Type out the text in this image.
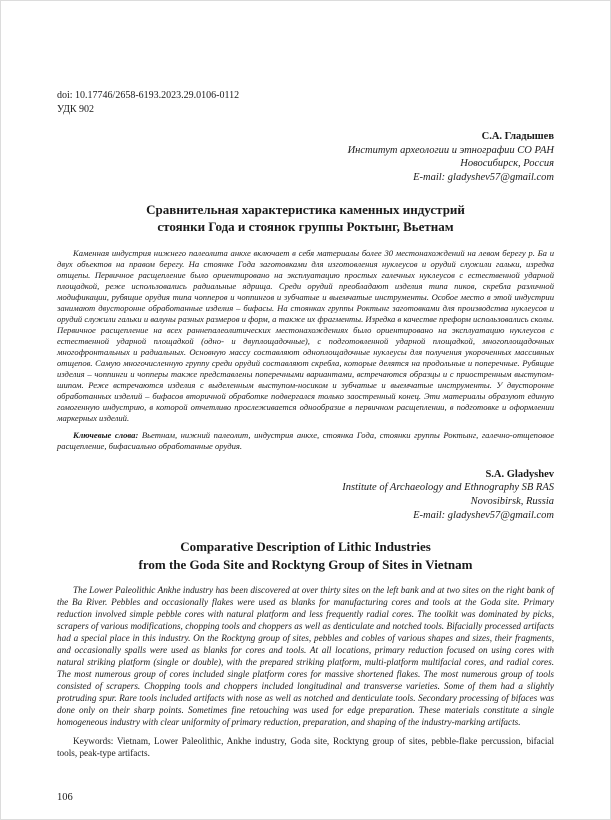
doi: 10.17746/2658-6193.2023.29.0106-0112
УДК 902
С.А. Гладышев
Институт археологии и этнографии СО РАН
Новосибирск, Россия
E-mail: gladyshev57@gmail.com
Сравнительная характеристика каменных индустрий
стоянки Года и стоянок группы Роктынг, Вьетнам
Каменная индустрия нижнего палеолита анкхе включает в себя материалы более 30 местонахождений на левом берегу р. Ба и двух объектов на правом берегу. На стоянке Года заготовками для изготовления нуклеусов и орудий служили гальки, изредка отщепы. Первичное расщепление было ориентировано на эксплуатацию простых галечных нуклеусов с естественной ударной площадкой, реже использовались радиальные ядрища. Среди орудий преобладают изделия типа пиков, скребла различной модификации, рубящие орудия типа чопперов и чоппингов и зубчатые и выемчатые инструменты. Особое место в этой индустрии занимают двусторонне обработанные изделия – бифасы. На стоянках группы Роктынг заготовками для производства нуклеусов и орудий служили гальки и валуны разных размеров и форм, а также их фрагменты. Изредка в качестве преформ использовались сколы. Первичное расщепление на всех раннепалеолитических местонахождениях было ориентировано на эксплуатацию нуклеусов с естественной ударной площадкой (одно- и двуплощадочные), с подготовленной ударной площадкой, многоплощадочных многофронтальных и радиальных. Основную массу составляют одноплощадочные нуклеусы для получения укороченных массивных отщепов. Самую многочисленную группу среди орудий составляют скребла, которые делятся на продольные и поперечные. Рубящие изделия – чоппинги и чопперы также представлены поперечными вариантами, встречаются образцы и с приостренным выступом-шипом. Реже встречаются изделия с выделенным выступом-носиком и зубчатые и выемчатые инструменты. У двусторонне обработанных изделий – бифасов вторичной обработке подвергался только заостренный конец. Эти материалы образуют единую гомогенную индустрию, в которой отчетливо прослеживается однообразие в первичном расщеплении, в подготовке и оформлении маркерных изделий.
Ключевые слова: Вьетнам, нижний палеолит, индустрия анкхе, стоянка Года, стоянки группы Роктынг, галечно-отщеповое расщепление, бифасиально обработанные орудия.
S.A. Gladyshev
Institute of Archaeology and Ethnography SB RAS
Novosibirsk, Russia
E-mail: gladyshev57@gmail.com
Comparative Description of Lithic Industries
from the Goda Site and Rocktyng Group of Sites in Vietnam
The Lower Paleolithic Ankhe industry has been discovered at over thirty sites on the left bank and at two sites on the right bank of the Ba River. Pebbles and occasionally flakes were used as blanks for manufacturing cores and tools at the Goda site. Primary reduction involved simple pebble cores with natural platform and less frequently radial cores. The toolkit was dominated by picks, scrapers of various modifications, chopping tools and choppers as well as denticulate and notched tools. Bifacially processed artifacts had a special place in this industry. On the Rocktyng group of sites, pebbles and cobles of various shapes and sizes, their fragments, and occasionally spalls were used as blanks for cores and tools. At all locations, primary reduction focused on using cores with natural striking platform (single or double), with the prepared striking platform, multi-platform multifacial cores, and radial cores. The most numerous group of cores included single platform cores for massive shortened flakes. The most numerous group of tools consisted of scrapers. Chopping tools and choppers included longitudinal and transverse varieties. Some of them had a slightly protruding spur. Rare tools included artifacts with nose as well as notched and denticulate tools. Secondary processing of bifaces was done only on their sharp points. Sometimes fine retouching was used for edge preparation. These materials constitute a single homogeneous industry with clear uniformity of primary reduction, preparation, and shaping of the industry-marking artifacts.
Keywords: Vietnam, Lower Paleolithic, Ankhe industry, Goda site, Rocktyng group of sites, pebble-flake percussion, bifacial tools, peak-type artifacts.
106
